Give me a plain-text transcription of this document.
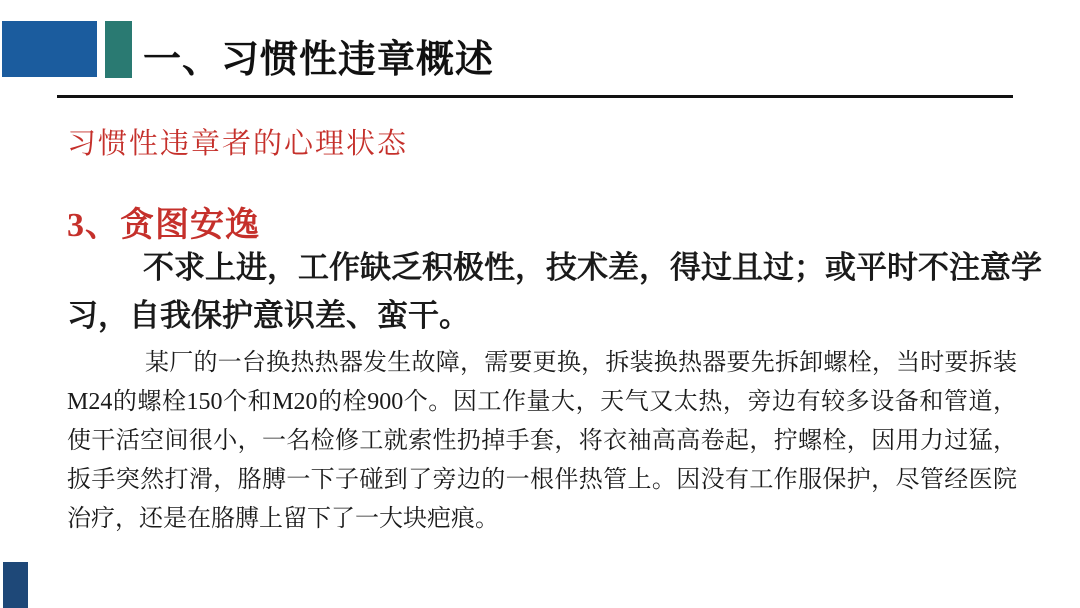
一、习惯性违章概述
习惯性违章者的心理状态
3、贪图安逸
不求上进，工作缺乏积极性，技术差，得过且过；或平时不注意学习，自我保护意识差、蛮干。
某厂的一台换热热器发生故障，需要更换，拆装换热器要先拆卸螺栓，当时要拆装M24的螺栓150个和M20的栓900个。因工作量大，天气又太热，旁边有较多设备和管道，使干活空间很小，一名检修工就索性扔掉手套，将衣袖高高卷起，拧螺栓，因用力过猛，扳手突然打滑，胳膊一下子碰到了旁边的一根伴热管上。因没有工作服保护，尽管经医院治疗，还是在胳膊上留下了一大块疤痕。
